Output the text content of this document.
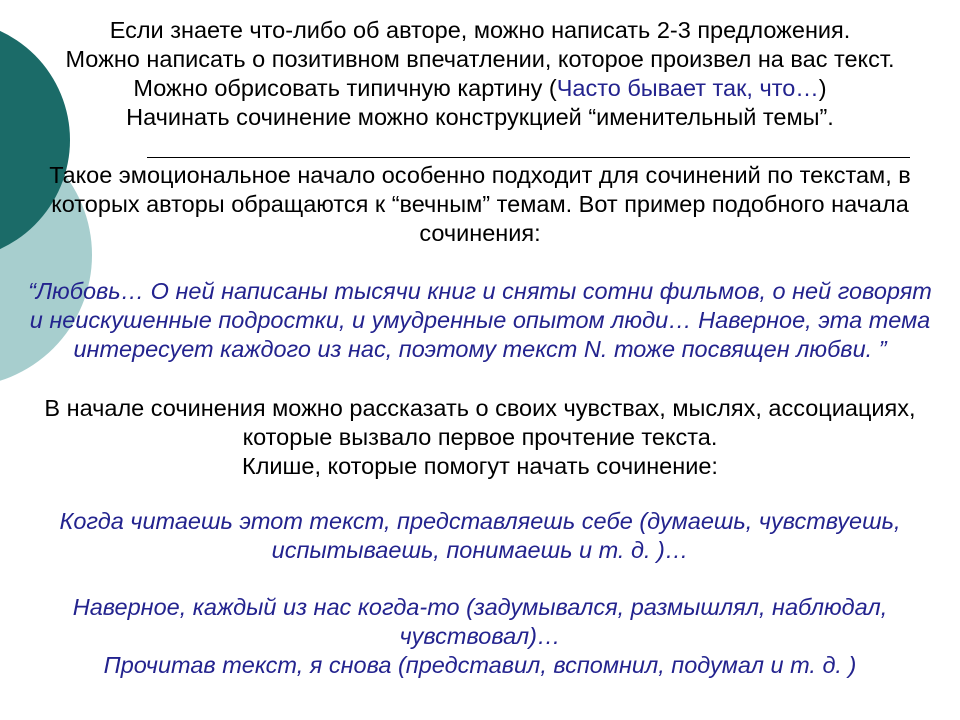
Если знаете что-либо об авторе, можно написать 2-3 предложения.
Можно написать о позитивном впечатлении, которое произвел на вас текст.
Можно обрисовать типичную картину (Часто бывает так, что…)
Начинать сочинение можно конструкцией “именительный темы”.
Такое эмоциональное начало особенно подходит для сочинений по текстам, в
которых авторы обращаются к “вечным” темам. Вот пример подобного начала
сочинения:
“Любовь… О ней написаны тысячи книг и сняты сотни фильмов, о ней говорят
и неискушенные подростки, и умудренные опытом люди… Наверное, эта тема
интересует каждого из нас, поэтому текст N. тоже посвящен любви. ”
В начале сочинения можно рассказать о своих чувствах, мыслях, ассоциациях,
которые вызвало первое прочтение текста.
Клише, которые помогут начать сочинение:
Когда читаешь этот текст, представляешь себе (думаешь, чувствуешь,
испытываешь, понимаешь и т. д. )…
Наверное, каждый из нас когда-то (задумывался, размышлял, наблюдал,
чувствовал)…
Прочитав текст, я снова (представил, вспомнил, подумал и т. д. )
